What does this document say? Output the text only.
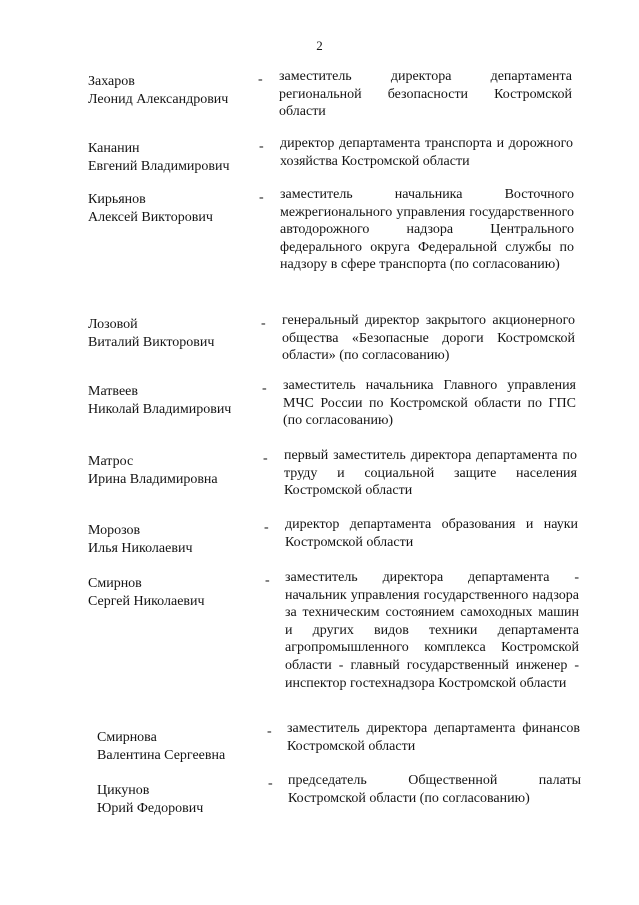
2
Захаров
Леонид Александрович
- заместитель директора департамента региональной безопасности Костромской области
Кананин
Евгений Владимирович
- директор департамента транспорта и дорожного хозяйства Костромской области
Кирьянов
Алексей Викторович
- заместитель начальника Восточного межрегионального управления государственного автодорожного надзора Центрального федерального округа Федеральной службы по надзору в сфере транспорта (по согласованию)
Лозовой
Виталий Викторович
- генеральный директор закрытого акционерного общества «Безопасные дороги Костромской области» (по согласованию)
Матвеев
Николай Владимирович
- заместитель начальника Главного управления МЧС России по Костромской области по ГПС (по согласованию)
Матрос
Ирина Владимировна
- первый заместитель директора департамента по труду и социальной защите населения Костромской области
Морозов
Илья Николаевич
- директор департамента образования и науки Костромской области
Смирнов
Сергей Николаевич
- заместитель директора департамента - начальник управления государственного надзора за техническим состоянием самоходных машин и других видов техники департамента агропромышленного комплекса Костромской области - главный государственный инженер - инспектор гостехнадзора Костромской области
Смирнова
Валентина Сергеевна
- заместитель директора департамента финансов Костромской области
Цикунов
Юрий Федорович
- председатель Общественной палаты Костромской области (по согласованию)
